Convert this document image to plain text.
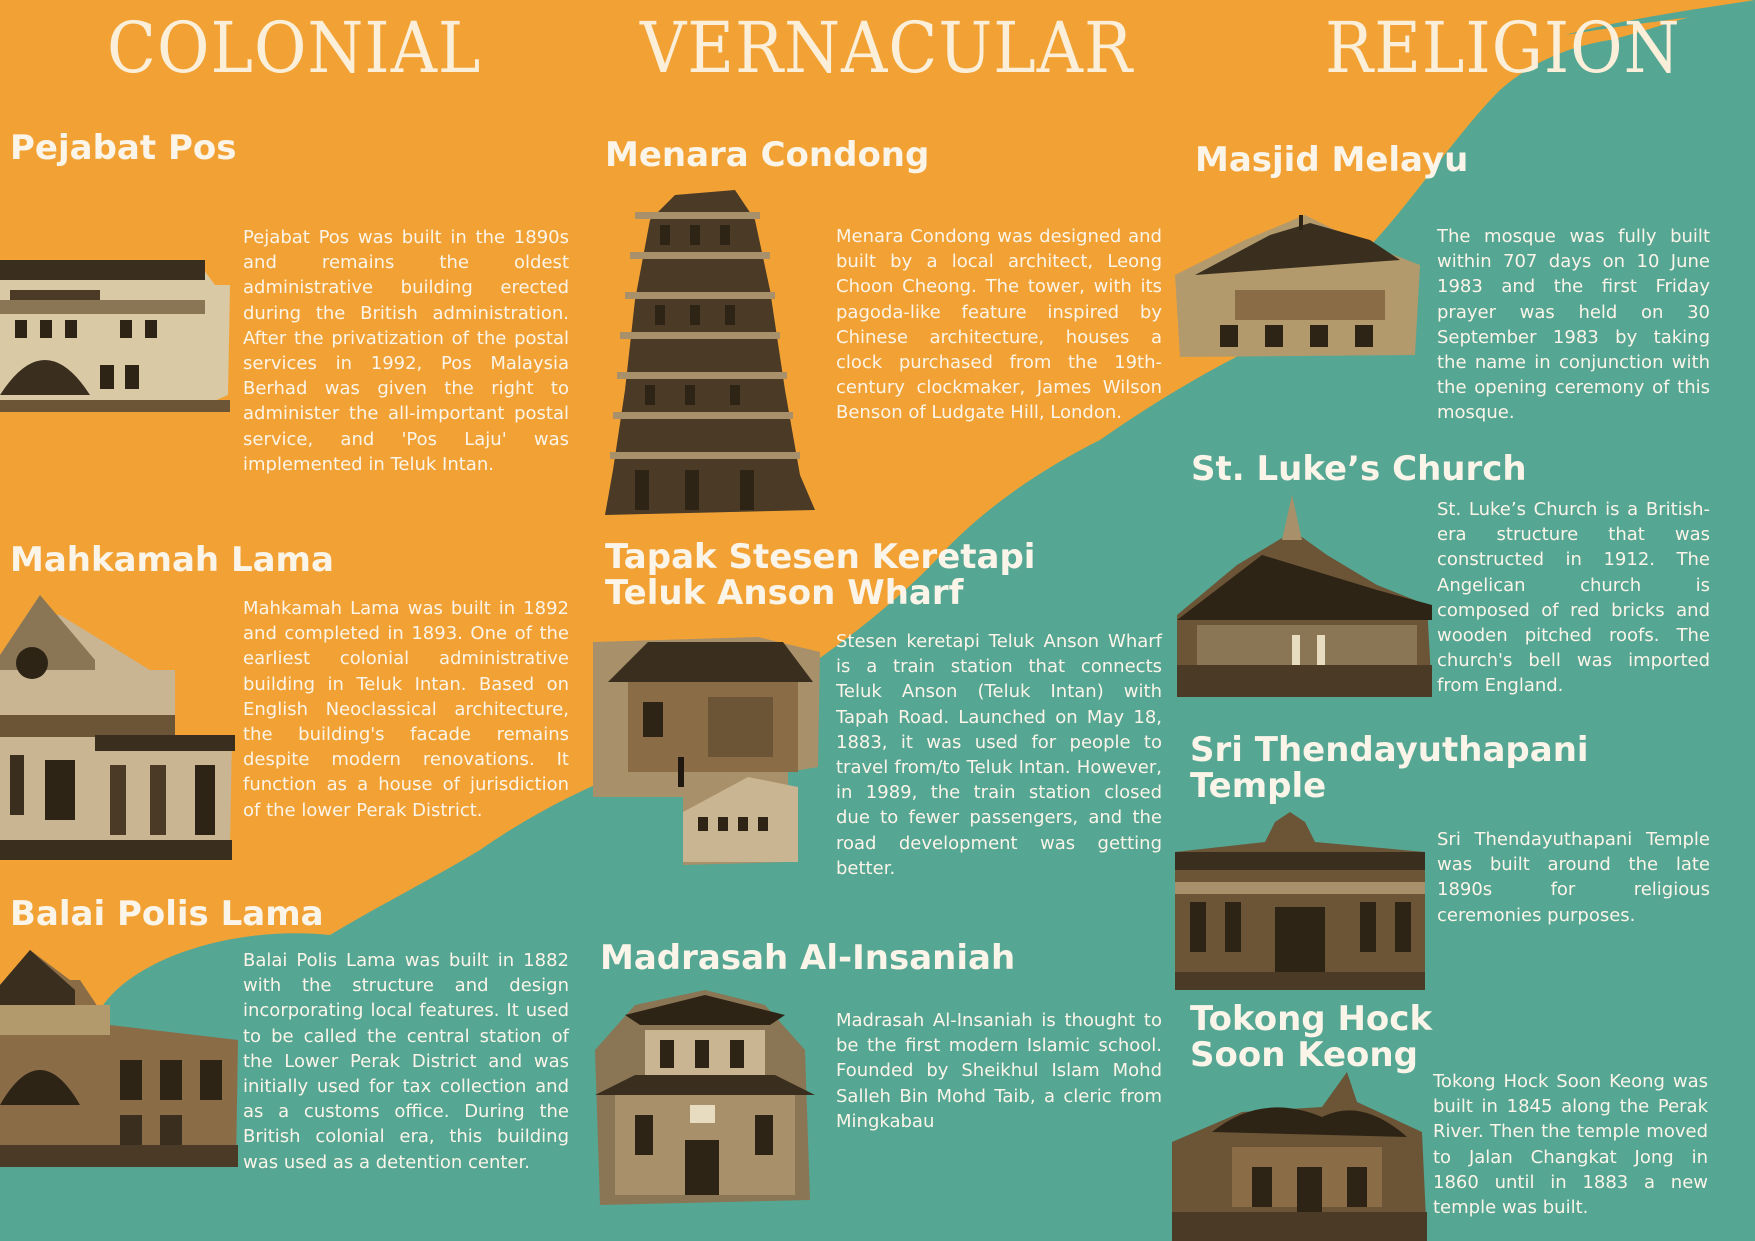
COLONIAL VERNACULAR	RELIGION
Pejabat Pos

Pejabat Pos was built in the 1890s and remains the oldest administrative building erected during the British administration. After the privatization of the postal services in 1992, Pos Malaysia Berhad was given the right to administer the all-important postal service, and 'Pos Laju' was implemented in Teluk Intan.

Mahkamah Lama

Mahkamah Lama was built in 1892 and completed in 1893. One of the earliest colonial administrative building in Teluk Intan. Based on English Neoclassical architecture, the building's facade remains despite modern renovations. It function as a house of jurisdiction of the lower Perak District.

Balai Polis Lama

Balai Polis Lama was built in 1882 with the structure and design incorporating local features. It used to be called the central station of the Lower Perak District and was initially used for tax collection and as a customs office. During the British colonial era, this building was used as a detention center.

Menara Condong

Menara Condong was designed and built by a local architect, Leong Choon Cheong. The tower, with its pagoda-like feature inspired by Chinese architecture, houses a clock purchased from the 19th-century clockmaker, James Wilson Benson of Ludgate Hill, London.

Tapak Stesen Keretapi
Teluk Anson Wharf

Stesen keretapi Teluk Anson Wharf is a train station that connects Teluk Anson (Teluk Intan) with Tapah Road. Launched on May 18, 1883, it was used for people to travel from/to Teluk Intan. However, in 1989, the train station closed due to fewer passengers, and the road development was getting better.

Madrasah Al-Insaniah

Madrasah Al-Insaniah is thought to be the first modern Islamic school. Founded by Sheikhul Islam Mohd Salleh Bin Mohd Taib, a cleric from Mingkabau

Masjid Melayu

The mosque was fully built within 707 days on 10 June 1983 and the first Friday prayer was held on 30 September 1983 by taking the name in conjunction with the opening ceremony of this mosque.

St. Luke’s Church

St. Luke’s Church is a British-era structure that was constructed in 1912. The Angelican church is composed of red bricks and wooden pitched roofs. The church's bell was imported from England.

Sri Thendayuthapani
Temple

Sri Thendayuthapani Temple was built around the late 1890s for religious ceremonies purposes.

Tokong Hock
Soon Keong

Tokong Hock Soon Keong was built in 1845 along the Perak River. Then the temple moved to Jalan Changkat Jong in 1860 until in 1883 a new temple was built.
